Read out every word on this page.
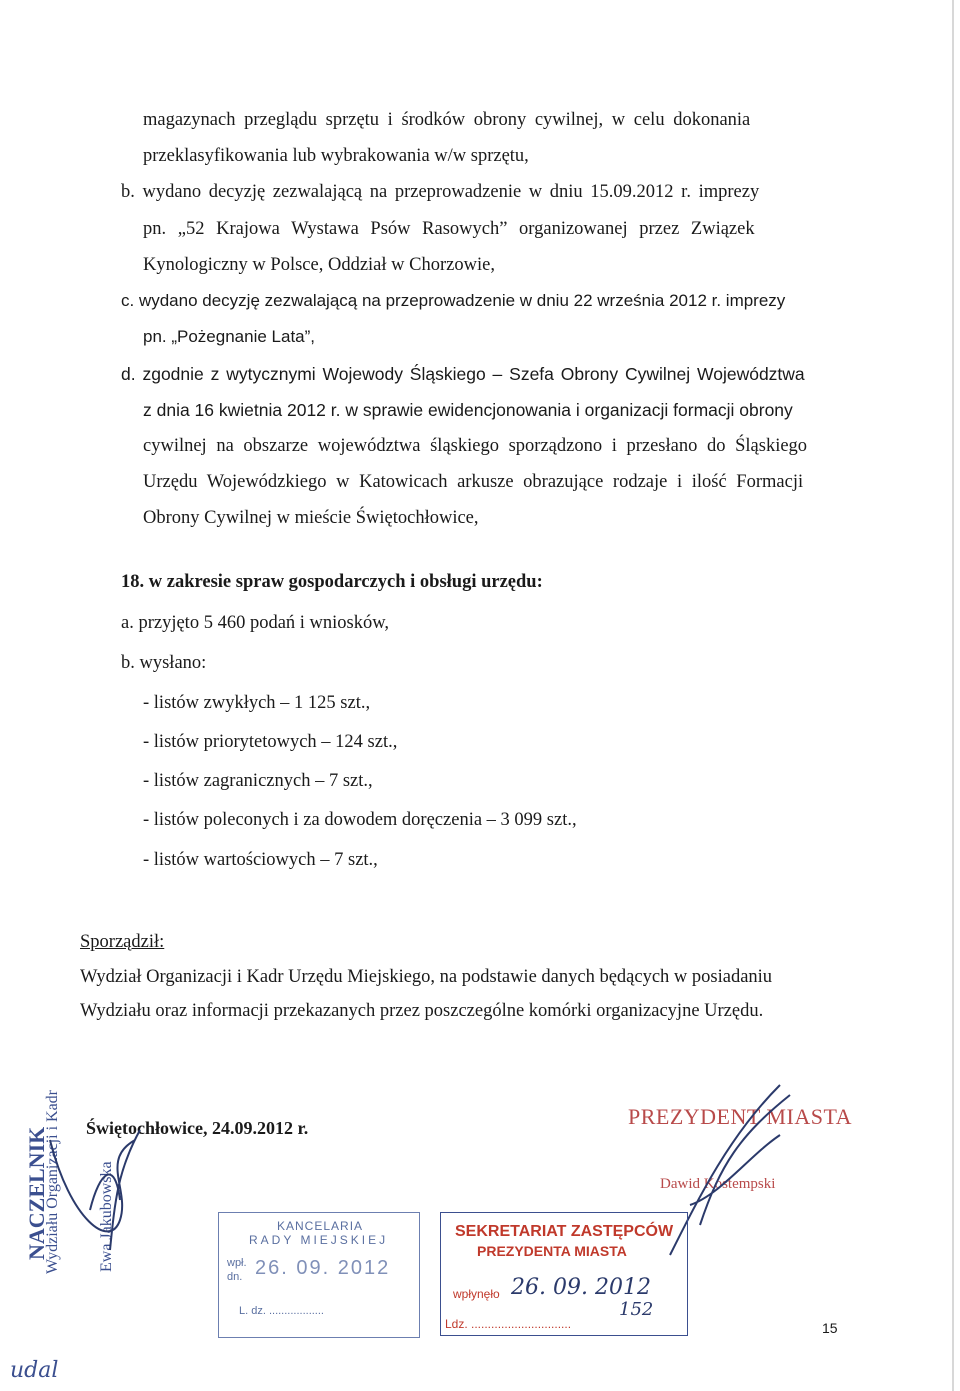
magazynach przeglądu sprzętu i środków obrony cywilnej, w celu dokonania
przeklasyfikowania lub wybrakowania w/w sprzętu,
b. wydano decyzję zezwalającą na przeprowadzenie w dniu 15.09.2012 r. imprezy
pn. „52 Krajowa Wystawa Psów Rasowych” organizowanej przez Związek
Kynologiczny w Polsce, Oddział w Chorzowie,
c. wydano decyzję zezwalającą na przeprowadzenie w dniu 22 września 2012 r. imprezy
pn. „Pożegnanie Lata”,
d. zgodnie z wytycznymi Wojewody Śląskiego – Szefa Obrony Cywilnej Województwa
z dnia 16 kwietnia 2012 r. w sprawie ewidencjonowania i organizacji formacji obrony
cywilnej na obszarze województwa śląskiego sporządzono i przesłano do Śląskiego
Urzędu Wojewódzkiego w Katowicach arkusze obrazujące rodzaje i ilość Formacji
Obrony Cywilnej w mieście Świętochłowice,
18. w zakresie spraw gospodarczych i obsługi urzędu:
a. przyjęto 5 460 podań i wniosków,
b. wysłano:
- listów zwykłych – 1 125 szt.,
- listów priorytetowych – 124 szt.,
- listów zagranicznych – 7 szt.,
- listów poleconych i za dowodem doręczenia – 3 099 szt.,
- listów wartościowych – 7 szt.,
Sporządził:
Wydział Organizacji i Kadr Urzędu Miejskiego, na podstawie danych będących w posiadaniu
Wydziału oraz informacji przekazanych przez poszczególne komórki organizacyjne Urzędu.
Świętochłowice, 24.09.2012 r.
NACZELNIK
Wydziału Organizacji i Kadr Ewa Jakubowska
PREZYDENT MIASTA
Dawid Kostempski
KANCELARIA
RADY MIEJSKIEJ
wpł.
dn. 26. 09. 2012
L. dz. ..................
SEKRETARIAT ZASTĘPCÓW
PREZYDENTA MIASTA
wpłynęło 26. 09. 2012
Ldz. ..............................
152
udal
15
